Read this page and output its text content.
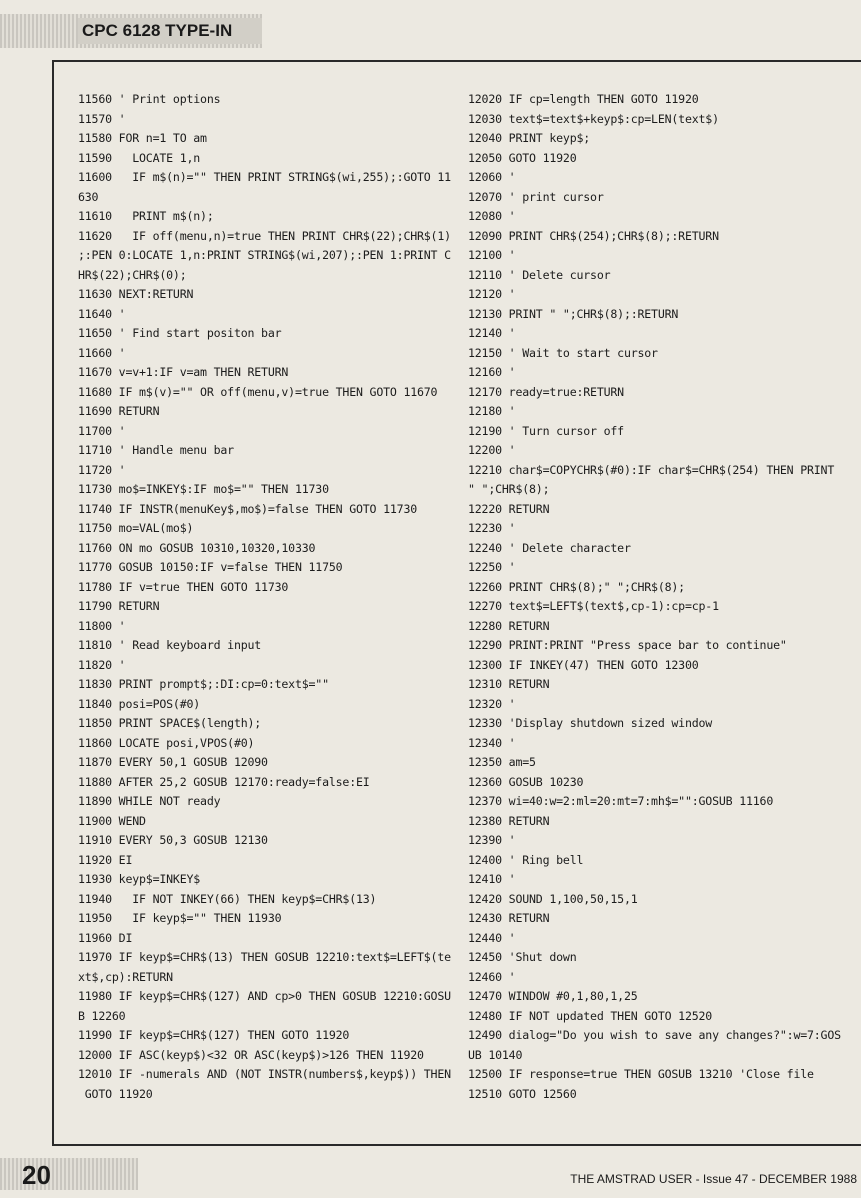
CPC 6128 TYPE-IN
11560 ' Print options
11570 '
11580 FOR n=1 TO am
11590   LOCATE 1,n
11600   IF m$(n)="" THEN PRINT STRING$(wi,255);:GOTO 11
630
11610   PRINT m$(n);
11620   IF off(menu,n)=true THEN PRINT CHR$(22);CHR$(1)
;:PEN 0:LOCATE 1,n:PRINT STRING$(wi,207);:PEN 1:PRINT C
HR$(22);CHR$(0);
11630 NEXT:RETURN
11640 '
11650 ' Find start positon bar
11660 '
11670 v=v+1:IF v=am THEN RETURN
11680 IF m$(v)="" OR off(menu,v)=true THEN GOTO 11670
11690 RETURN
11700 '
11710 ' Handle menu bar
11720 '
11730 mo$=INKEY$:IF mo$="" THEN 11730
11740 IF INSTR(menuKey$,mo$)=false THEN GOTO 11730
11750 mo=VAL(mo$)
11760 ON mo GOSUB 10310,10320,10330
11770 GOSUB 10150:IF v=false THEN 11750
11780 IF v=true THEN GOTO 11730
11790 RETURN
11800 '
11810 ' Read keyboard input
11820 '
11830 PRINT prompt$;:DI:cp=0:text$=""
11840 posi=POS(#0)
11850 PRINT SPACE$(length);
11860 LOCATE posi,VPOS(#0)
11870 EVERY 50,1 GOSUB 12090
11880 AFTER 25,2 GOSUB 12170:ready=false:EI
11890 WHILE NOT ready
11900 WEND
11910 EVERY 50,3 GOSUB 12130
11920 EI
11930 keyp$=INKEY$
11940   IF NOT INKEY(66) THEN keyp$=CHR$(13)
11950   IF keyp$="" THEN 11930
11960 DI
11970 IF keyp$=CHR$(13) THEN GOSUB 12210:text$=LEFT$(te
xt$,cp):RETURN
11980 IF keyp$=CHR$(127) AND cp>0 THEN GOSUB 12210:GOSU
B 12260
11990 IF keyp$=CHR$(127) THEN GOTO 11920
12000 IF ASC(keyp$)<32 OR ASC(keyp$)>126 THEN 11920
12010 IF -numerals AND (NOT INSTR(numbers$,keyp$)) THEN
GOTO 11920
12020 IF cp=length THEN GOTO 11920
12030 text$=text$+keyp$:cp=LEN(text$)
12040 PRINT keyp$;
12050 GOTO 11920
12060 '
12070 ' print cursor
12080 '
12090 PRINT CHR$(254);CHR$(8);:RETURN
12100 '
12110 ' Delete cursor
12120 '
12130 PRINT " ";CHR$(8);:RETURN
12140 '
12150 ' Wait to start cursor
12160 '
12170 ready=true:RETURN
12180 '
12190 ' Turn cursor off
12200 '
12210 char$=COPYCHR$(#0):IF char$=CHR$(254) THEN PRINT
" ";CHR$(8);
12220 RETURN
12230 '
12240 ' Delete character
12250 '
12260 PRINT CHR$(8);" ";CHR$(8);
12270 text$=LEFT$(text$,cp-1):cp=cp-1
12280 RETURN
12290 PRINT:PRINT "Press space bar to continue"
12300 IF INKEY(47) THEN GOTO 12300
12310 RETURN
12320 '
12330 'Display shutdown sized window
12340 '
12350 am=5
12360 GOSUB 10230
12370 wi=40:w=2:ml=20:mt=7:mh$="":GOSUB 11160
12380 RETURN
12390 '
12400 ' Ring bell
12410 '
12420 SOUND 1,100,50,15,1
12430 RETURN
12440 '
12450 'Shut down
12460 '
12470 WINDOW #0,1,80,1,25
12480 IF NOT updated THEN GOTO 12520
12490 dialog="Do you wish to save any changes?":w=7:GOS
UB 10140
12500 IF response=true THEN GOSUB 13210 'Close file
12510 GOTO 12560
20	THE AMSTRAD USER - Issue 47 - DECEMBER 1988
